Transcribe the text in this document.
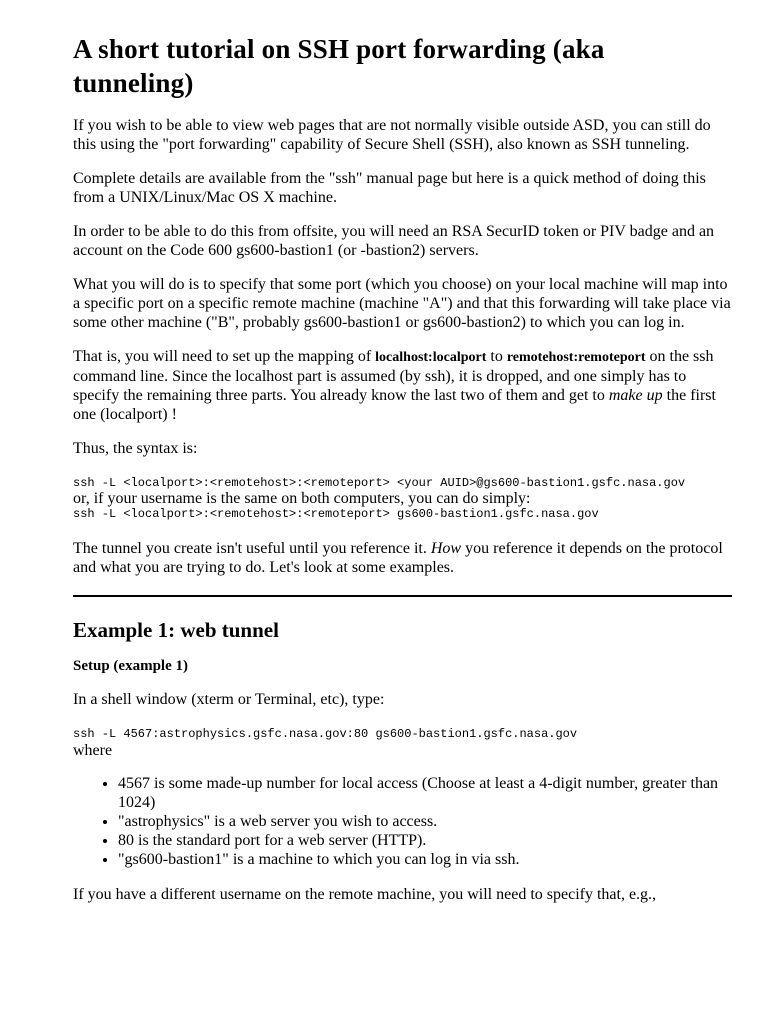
A short tutorial on SSH port forwarding (aka tunneling)

If you wish to be able to view web pages that are not normally visible outside ASD, you can still do this using the "port forwarding" capability of Secure Shell (SSH), also known as SSH tunneling.

Complete details are available from the "ssh" manual page but here is a quick method of doing this from a UNIX/Linux/Mac OS X machine.

In order to be able to do this from offsite, you will need an RSA SecurID token or PIV badge and an account on the Code 600 gs600-bastion1 (or -bastion2) servers.

What you will do is to specify that some port (which you choose) on your local machine will map into a specific port on a specific remote machine (machine "A") and that this forwarding will take place via some other machine ("B", probably gs600-bastion1 or gs600-bastion2) to which you can log in.

That is, you will need to set up the mapping of localhost:localport to remotehost:remoteport on the ssh command line. Since the localhost part is assumed (by ssh), it is dropped, and one simply has to specify the remaining three parts. You already know the last two of them and get to make up the first one (localport) !

Thus, the syntax is:

ssh -L <localport>:<remotehost>:<remoteport> <your AUID>@gs600-bastion1.gsfc.nasa.gov
or, if your username is the same on both computers, you can do simply:
ssh -L <localport>:<remotehost>:<remoteport> gs600-bastion1.gsfc.nasa.gov

The tunnel you create isn't useful until you reference it. How you reference it depends on the protocol and what you are trying to do. Let's look at some examples.

Example 1: web tunnel
Setup (example 1)

In a shell window (xterm or Terminal, etc), type:

ssh -L 4567:astrophysics.gsfc.nasa.gov:80 gs600-bastion1.gsfc.nasa.gov
where
• 4567 is some made-up number for local access (Choose at least a 4-digit number, greater than 1024)
• "astrophysics" is a web server you wish to access.
• 80 is the standard port for a web server (HTTP).
• "gs600-bastion1" is a machine to which you can log in via ssh.

If you have a different username on the remote machine, you will need to specify that, e.g.,
